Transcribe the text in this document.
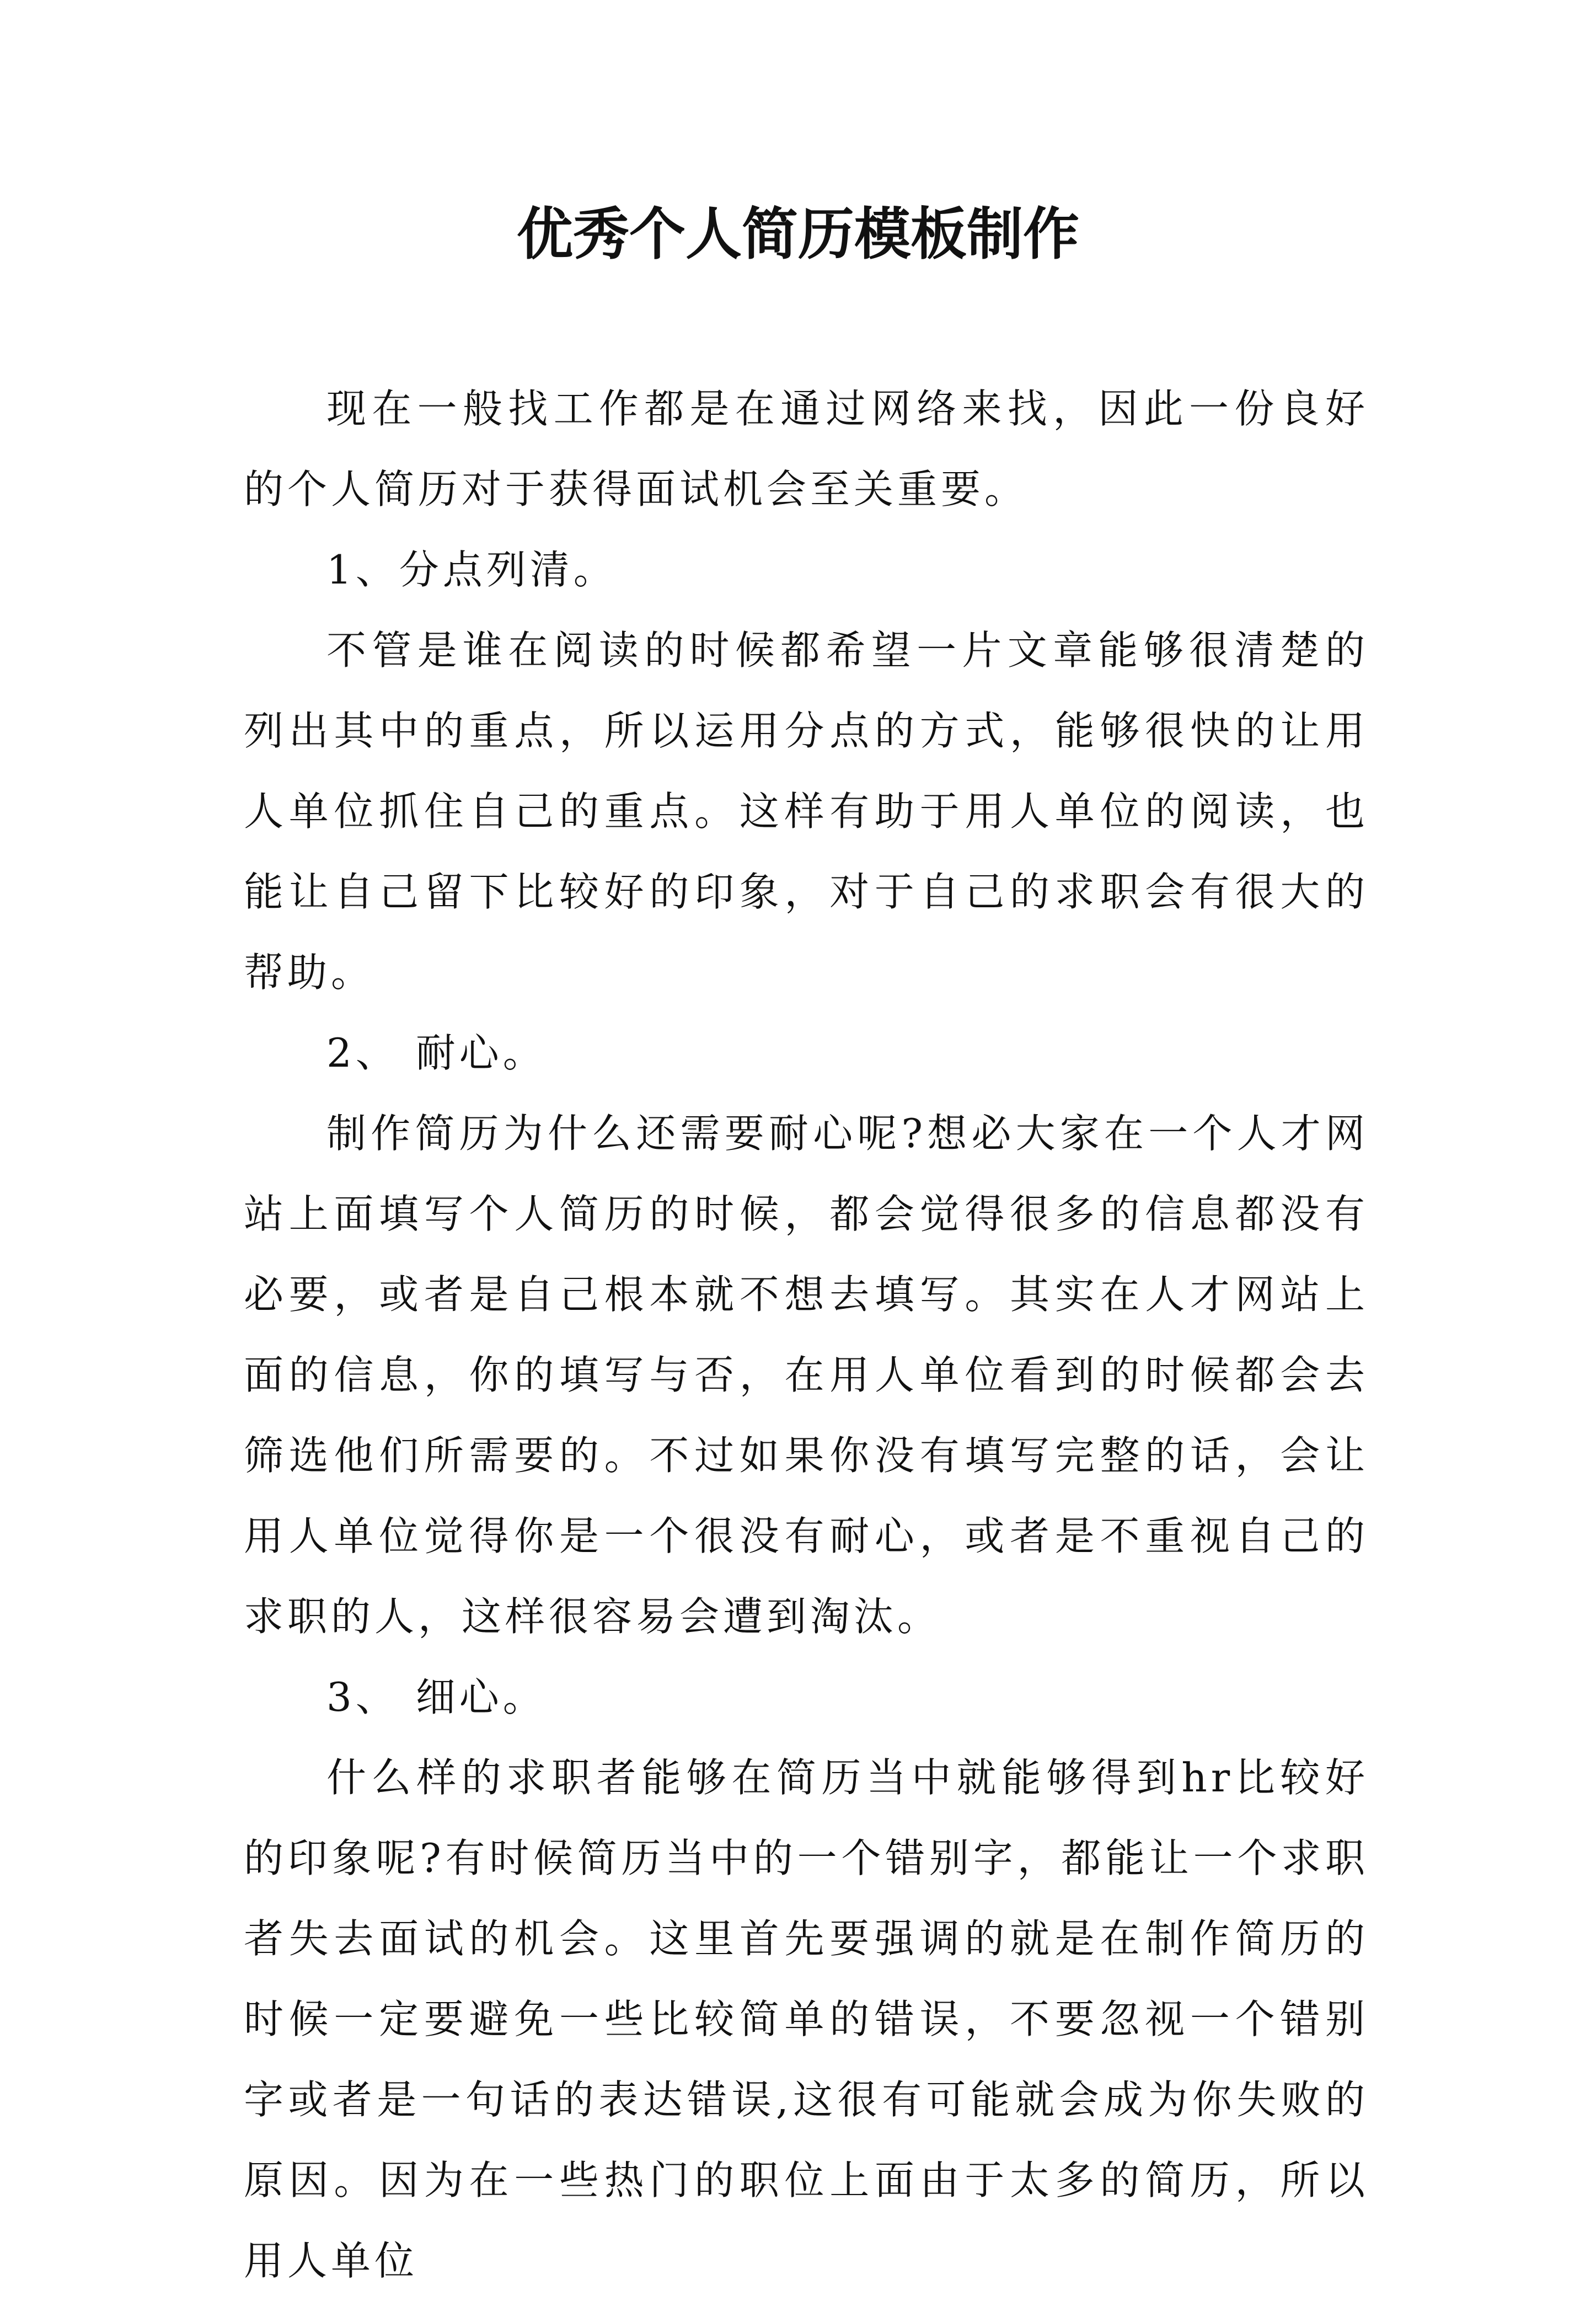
优秀个人简历模板制作

现在一般找工作都是在通过网络来找，因此一份良好的个人简历对于获得面试机会至关重要。

1、分点列清。

不管是谁在阅读的时候都希望一片文章能够很清楚的列出其中的重点，所以运用分点的方式，能够很快的让用人单位抓住自己的重点。这样有助于用人单位的阅读，也能让自己留下比较好的印象，对于自己的求职会有很大的帮助。

2、 耐心。

制作简历为什么还需要耐心呢?想必大家在一个人才网站上面填写个人简历的时候，都会觉得很多的信息都没有必要，或者是自己根本就不想去填写。其实在人才网站上面的信息，你的填写与否，在用人单位看到的时候都会去筛选他们所需要的。不过如果你没有填写完整的话，会让用人单位觉得你是一个很没有耐心，或者是不重视自己的求职的人，这样很容易会遭到淘汰。

3、 细心。

什么样的求职者能够在简历当中就能够得到hr比较好的印象呢?有时候简历当中的一个错别字，都能让一个求职者失去面试的机会。这里首先要强调的就是在制作简历的时候一定要避免一些比较简单的错误，不要忽视一个错别字或者是一句话的表达错误,这很有可能就会成为你失败的原因。因为在一些热门的职位上面由于太多的简历，所以用人单位
